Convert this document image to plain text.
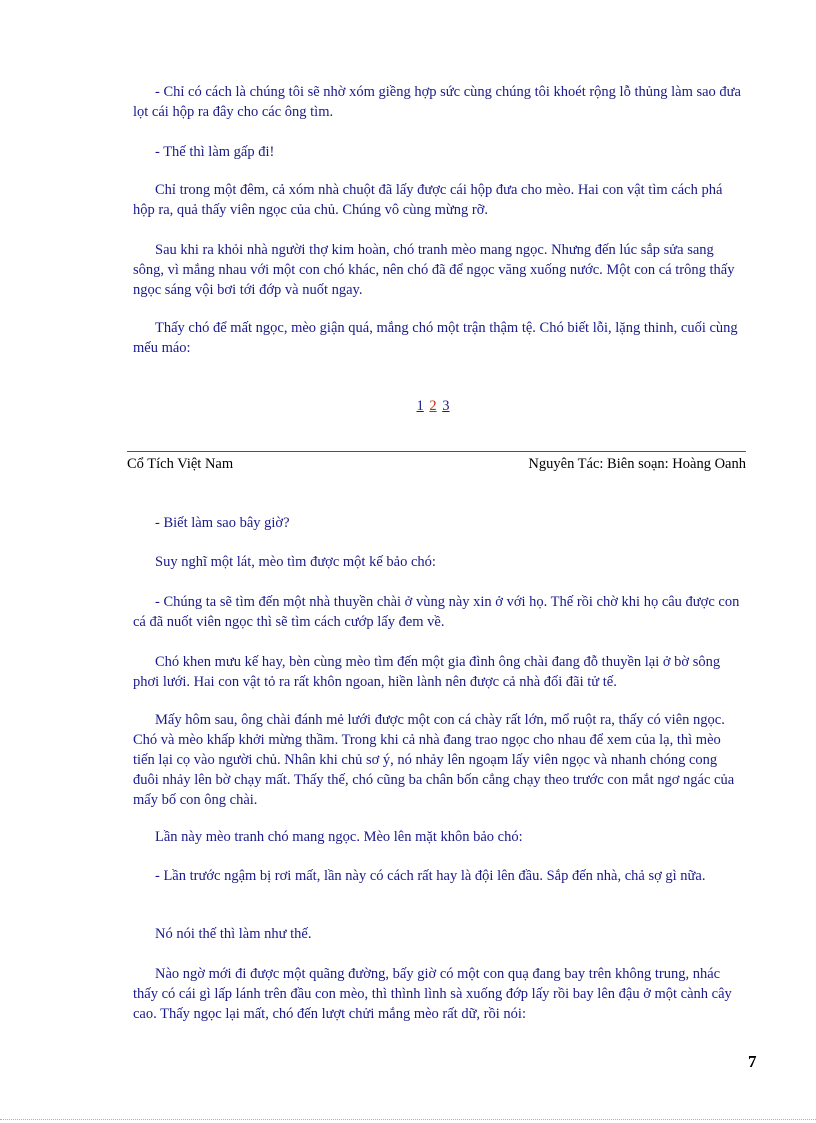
- Chỉ có cách là chúng tôi sẽ nhờ xóm giềng hợp sức cùng chúng tôi khoét rộng lỗ thủng làm sao đưa lọt cái hộp ra đây cho các ông tìm.

- Thế thì làm gấp đi!

Chỉ trong một đêm, cả xóm nhà chuột đã lấy được cái hộp đưa cho mèo. Hai con vật tìm cách phá hộp ra, quả thấy viên ngọc của chủ. Chúng vô cùng mừng rỡ.

Sau khi ra khỏi nhà người thợ kim hoàn, chó tranh mèo mang ngọc. Nhưng đến lúc sắp sửa sang sông, vì mắng nhau với một con chó khác, nên chó đã để ngọc văng xuống nước. Một con cá trông thấy ngọc sáng vội bơi tới đớp và nuốt ngay.

Thấy chó để mất ngọc, mèo giận quá, mắng chó một trận thậm tệ. Chó biết lỗi, lặng thinh, cuối cùng mếu máo:

1 2 3
Cổ Tích Việt Nam	Nguyên Tác: Biên soạn: Hoàng Oanh

- Biết làm sao bây giờ?

Suy nghĩ một lát, mèo tìm được một kế bảo chó:

- Chúng ta sẽ tìm đến một nhà thuyền chài ở vùng này xin ở với họ. Thế rồi chờ khi họ câu được con cá đã nuốt viên ngọc thì sẽ tìm cách cướp lấy đem về.

Chó khen mưu kế hay, bèn cùng mèo tìm đến một gia đình ông chài đang đỗ thuyền lại ở bờ sông phơi lưới. Hai con vật tỏ ra rất khôn ngoan, hiền lành nên được cả nhà đối đãi tử tế.

Mấy hôm sau, ông chài đánh mẻ lưới được một con cá chày rất lớn, mổ ruột ra, thấy có viên ngọc. Chó và mèo khấp khởi mừng thầm. Trong khi cả nhà đang trao ngọc cho nhau để xem của lạ, thì mèo tiến lại cọ vào người chủ. Nhân khi chủ sơ ý, nó nhảy lên ngoạm lấy viên ngọc và nhanh chóng cong đuôi nhảy lên bờ chạy mất. Thấy thế, chó cũng ba chân bốn cẳng chạy theo trước con mắt ngơ ngác của mấy bố con ông chài.

Lần này mèo tranh chó mang ngọc. Mèo lên mặt khôn bảo chó:

- Lần trước ngậm bị rơi mất, lần này có cách rất hay là đội lên đầu. Sắp đến nhà, chả sợ gì nữa.

Nó nói thế thì làm như thế.

Nào ngờ mới đi được một quãng đường, bấy giờ có một con quạ đang bay trên không trung, nhác thấy có cái gì lấp lánh trên đầu con mèo, thì thình lình sà xuống đớp lấy rồi bay lên đậu ở một cành cây cao. Thấy ngọc lại mất, chó đến lượt chửi mắng mèo rất dữ, rồi nói:

7
